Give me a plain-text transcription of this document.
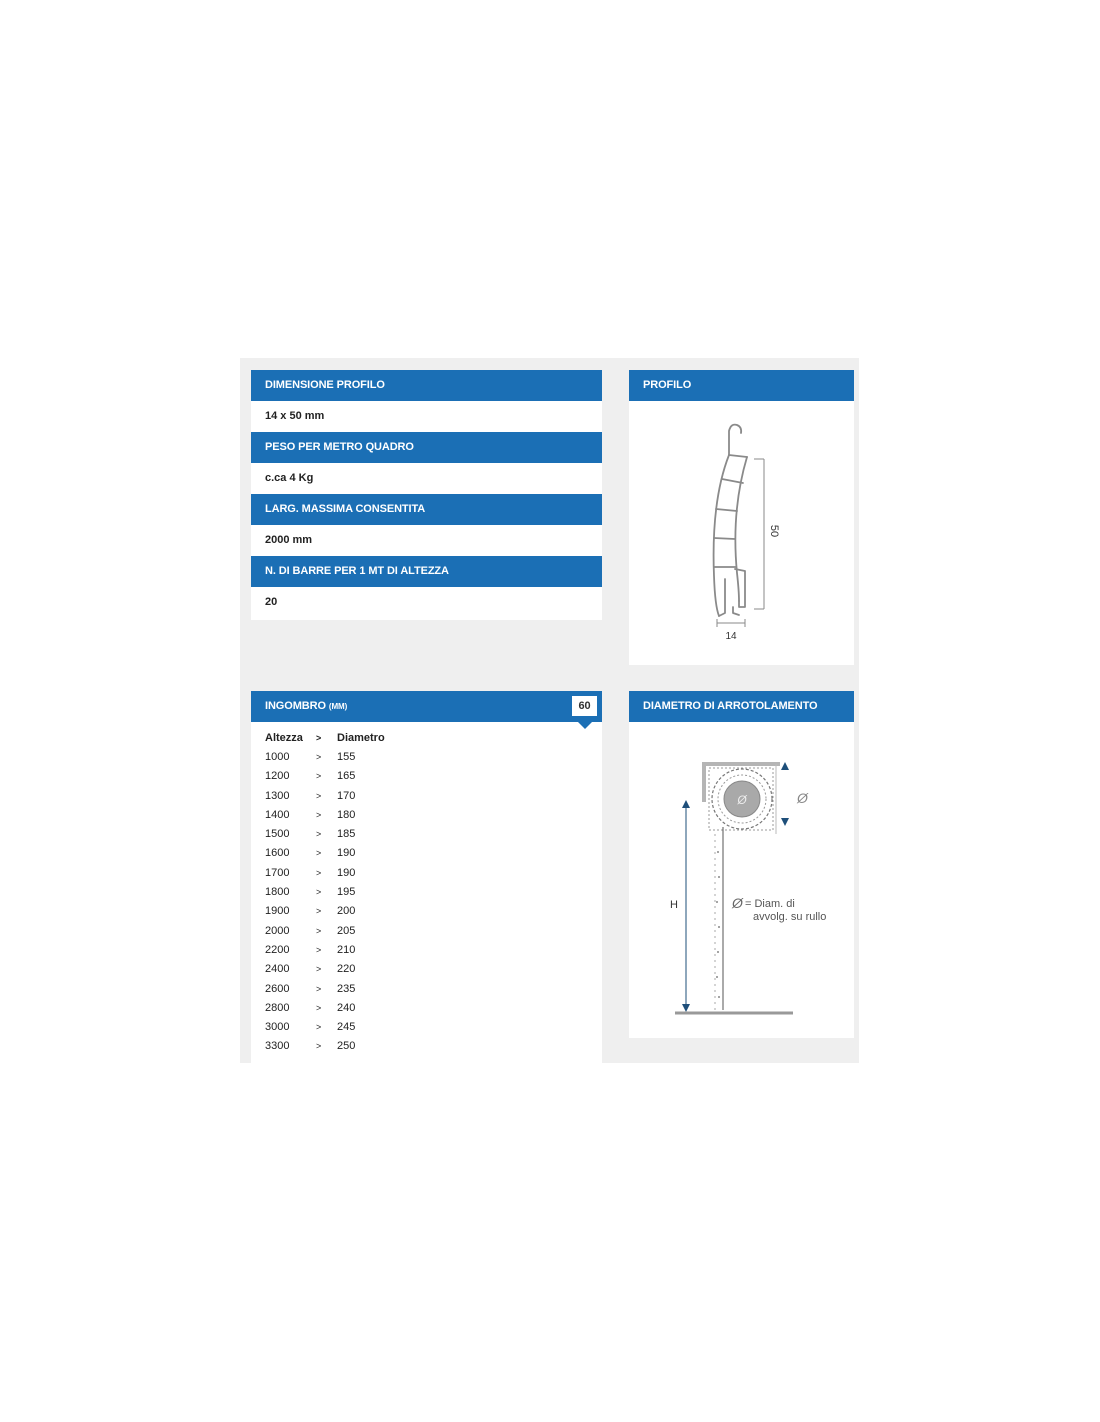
DIMENSIONE PROFILO
14 x 50 mm
PESO PER METRO QUADRO
c.ca 4 Kg
LARG. MASSIMA CONSENTITA
2000 mm
N. DI BARRE PER 1 MT DI ALTEZZA
20
PROFILO
50
14
INGOMBRO (MM)	60
Altezza	>	Diametro
1000	>	155
1200	>	165
1300	>	170
1400	>	180
1500	>	185
1600	>	190
1700	>	190
1800	>	195
1900	>	200
2000	>	205
2200	>	210
2400	>	220
2600	>	235
2800	>	240
3000	>	245
3300	>	250
DIAMETRO DI ARROTOLAMENTO
Ø	Ø
H	Ø = Diam. di
avvolg. su rullo
